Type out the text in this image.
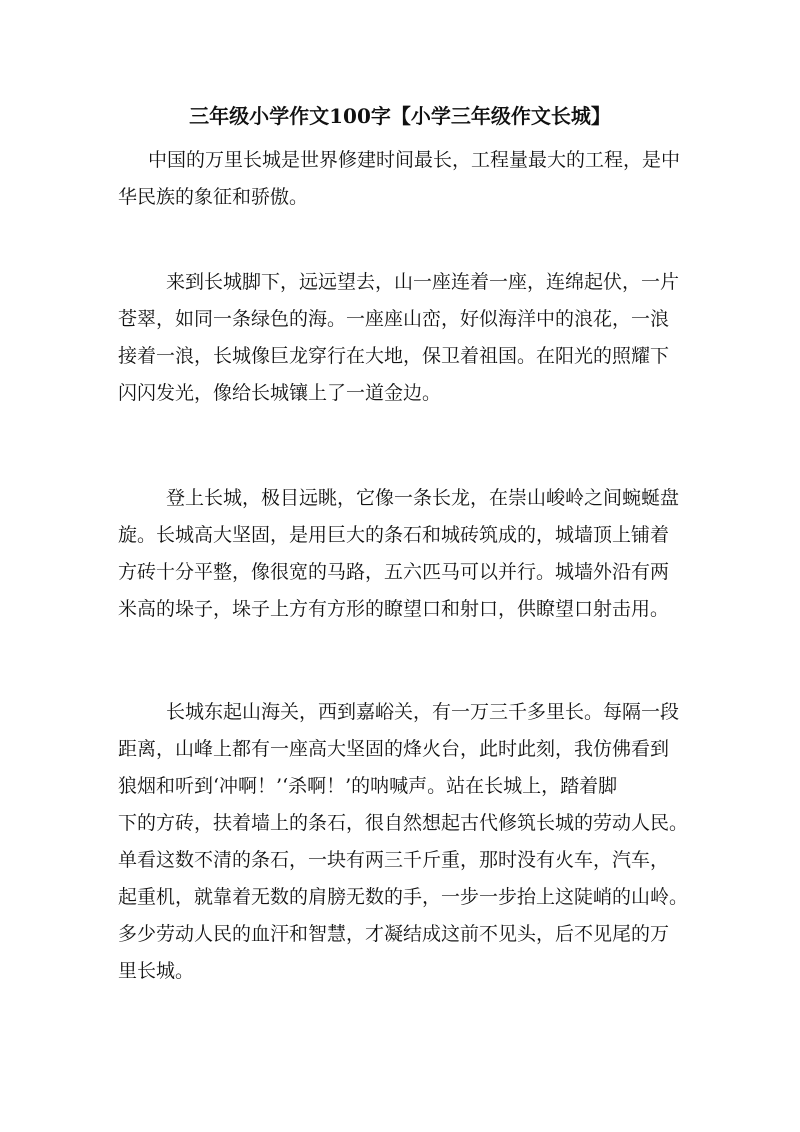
三年级小学作文100字【小学三年级作文长城】
中国的万里长城是世界修建时间最长，工程量最大的工程，是中
华民族的象征和骄傲。
来到长城脚下，远远望去，山一座连着一座，连绵起伏，一片
苍翠，如同一条绿色的海。一座座山峦，好似海洋中的浪花，一浪
接着一浪，长城像巨龙穿行在大地，保卫着祖国。在阳光的照耀下
闪闪发光，像给长城镶上了一道金边。
登上长城，极目远眺，它像一条长龙，在崇山峻岭之间蜿蜒盘
旋。长城高大坚固，是用巨大的条石和城砖筑成的，城墙顶上铺着
方砖十分平整，像很宽的马路，五六匹马可以并行。城墙外沿有两
米高的垛子，垛子上方有方形的瞭望口和射口，供瞭望口射击用。
长城东起山海关，西到嘉峪关，有一万三千多里长。每隔一段
距离，山峰上都有一座高大坚固的烽火台，此时此刻，我仿佛看到
狼烟和听到‘冲啊！’‘杀啊！’的呐喊声。站在长城上，踏着脚
下的方砖，扶着墙上的条石，很自然想起古代修筑长城的劳动人民。
单看这数不清的条石，一块有两三千斤重，那时没有火车，汽车，
起重机，就靠着无数的肩膀无数的手，一步一步抬上这陡峭的山岭。
多少劳动人民的血汗和智慧，才凝结成这前不见头，后不见尾的万
里长城。
